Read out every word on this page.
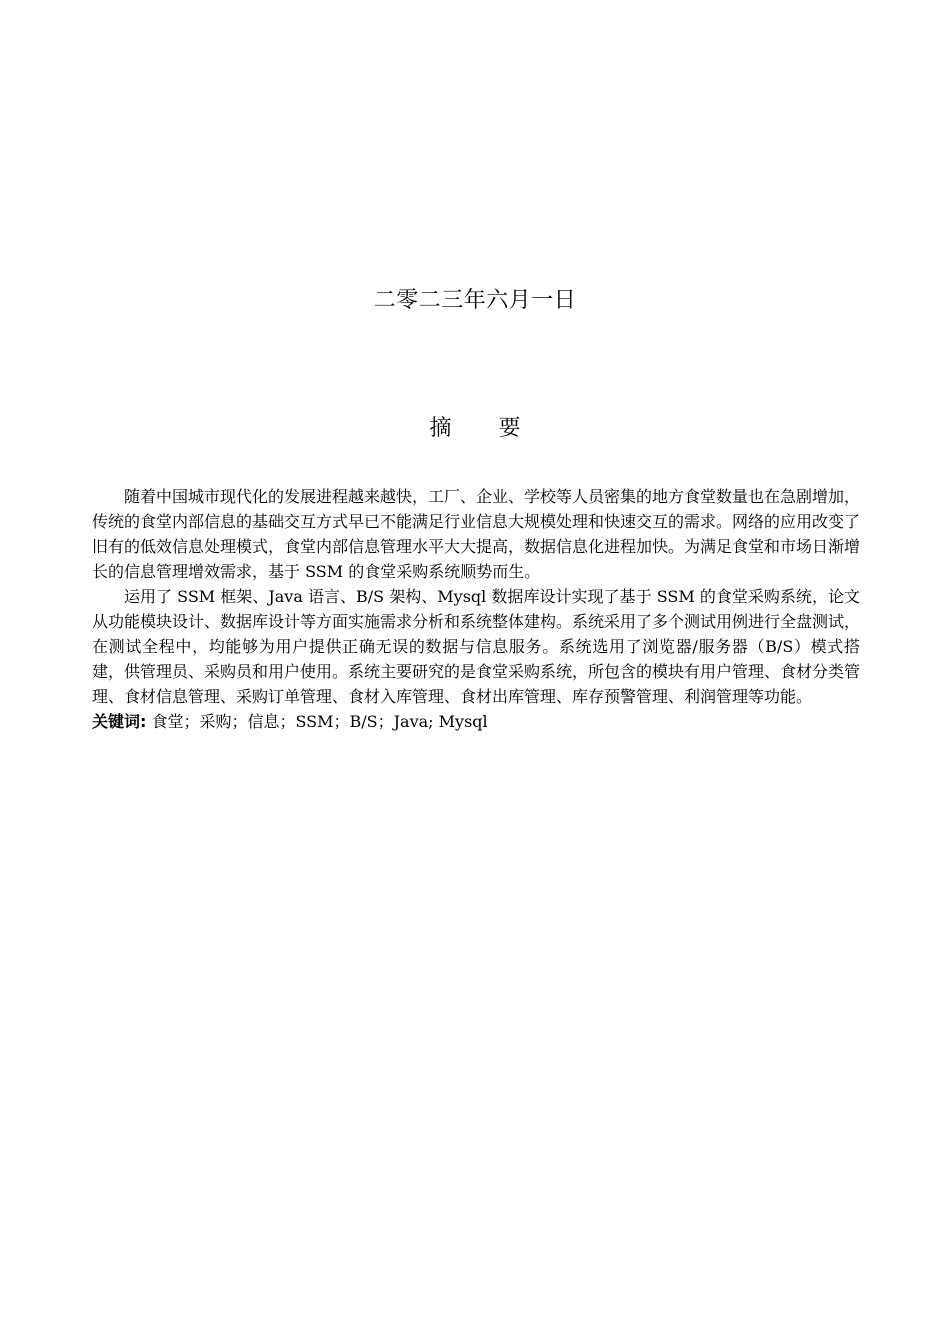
二零二三年六月一日
摘 要

随着中国城市现代化的发展进程越来越快，工厂、企业、学校等人员密集的地方食堂数量也在急剧增加，传统的食堂内部信息的基础交互方式早已不能满足行业信息大规模处理和快速交互的需求。网络的应用改变了旧有的低效信息处理模式，食堂内部信息管理水平大大提高，数据信息化进程加快。为满足食堂和市场日渐增长的信息管理增效需求，基于 SSM 的食堂采购系统顺势而生。

运用了 SSM 框架、Java 语言、B/S 架构、Mysql 数据库设计实现了基于 SSM 的食堂采购系统，论文从功能模块设计、数据库设计等方面实施需求分析和系统整体建构。系统采用了多个测试用例进行全盘测试，在测试全程中，均能够为用户提供正确无误的数据与信息服务。系统选用了浏览器/服务器（B/S）模式搭建，供管理员、采购员和用户使用。系统主要研究的是食堂采购系统，所包含的模块有用户管理、食材分类管理、食材信息管理、采购订单管理、食材入库管理、食材出库管理、库存预警管理、利润管理等功能。

关键词: 食堂；采购；信息；SSM；B/S；Java; Mysql
